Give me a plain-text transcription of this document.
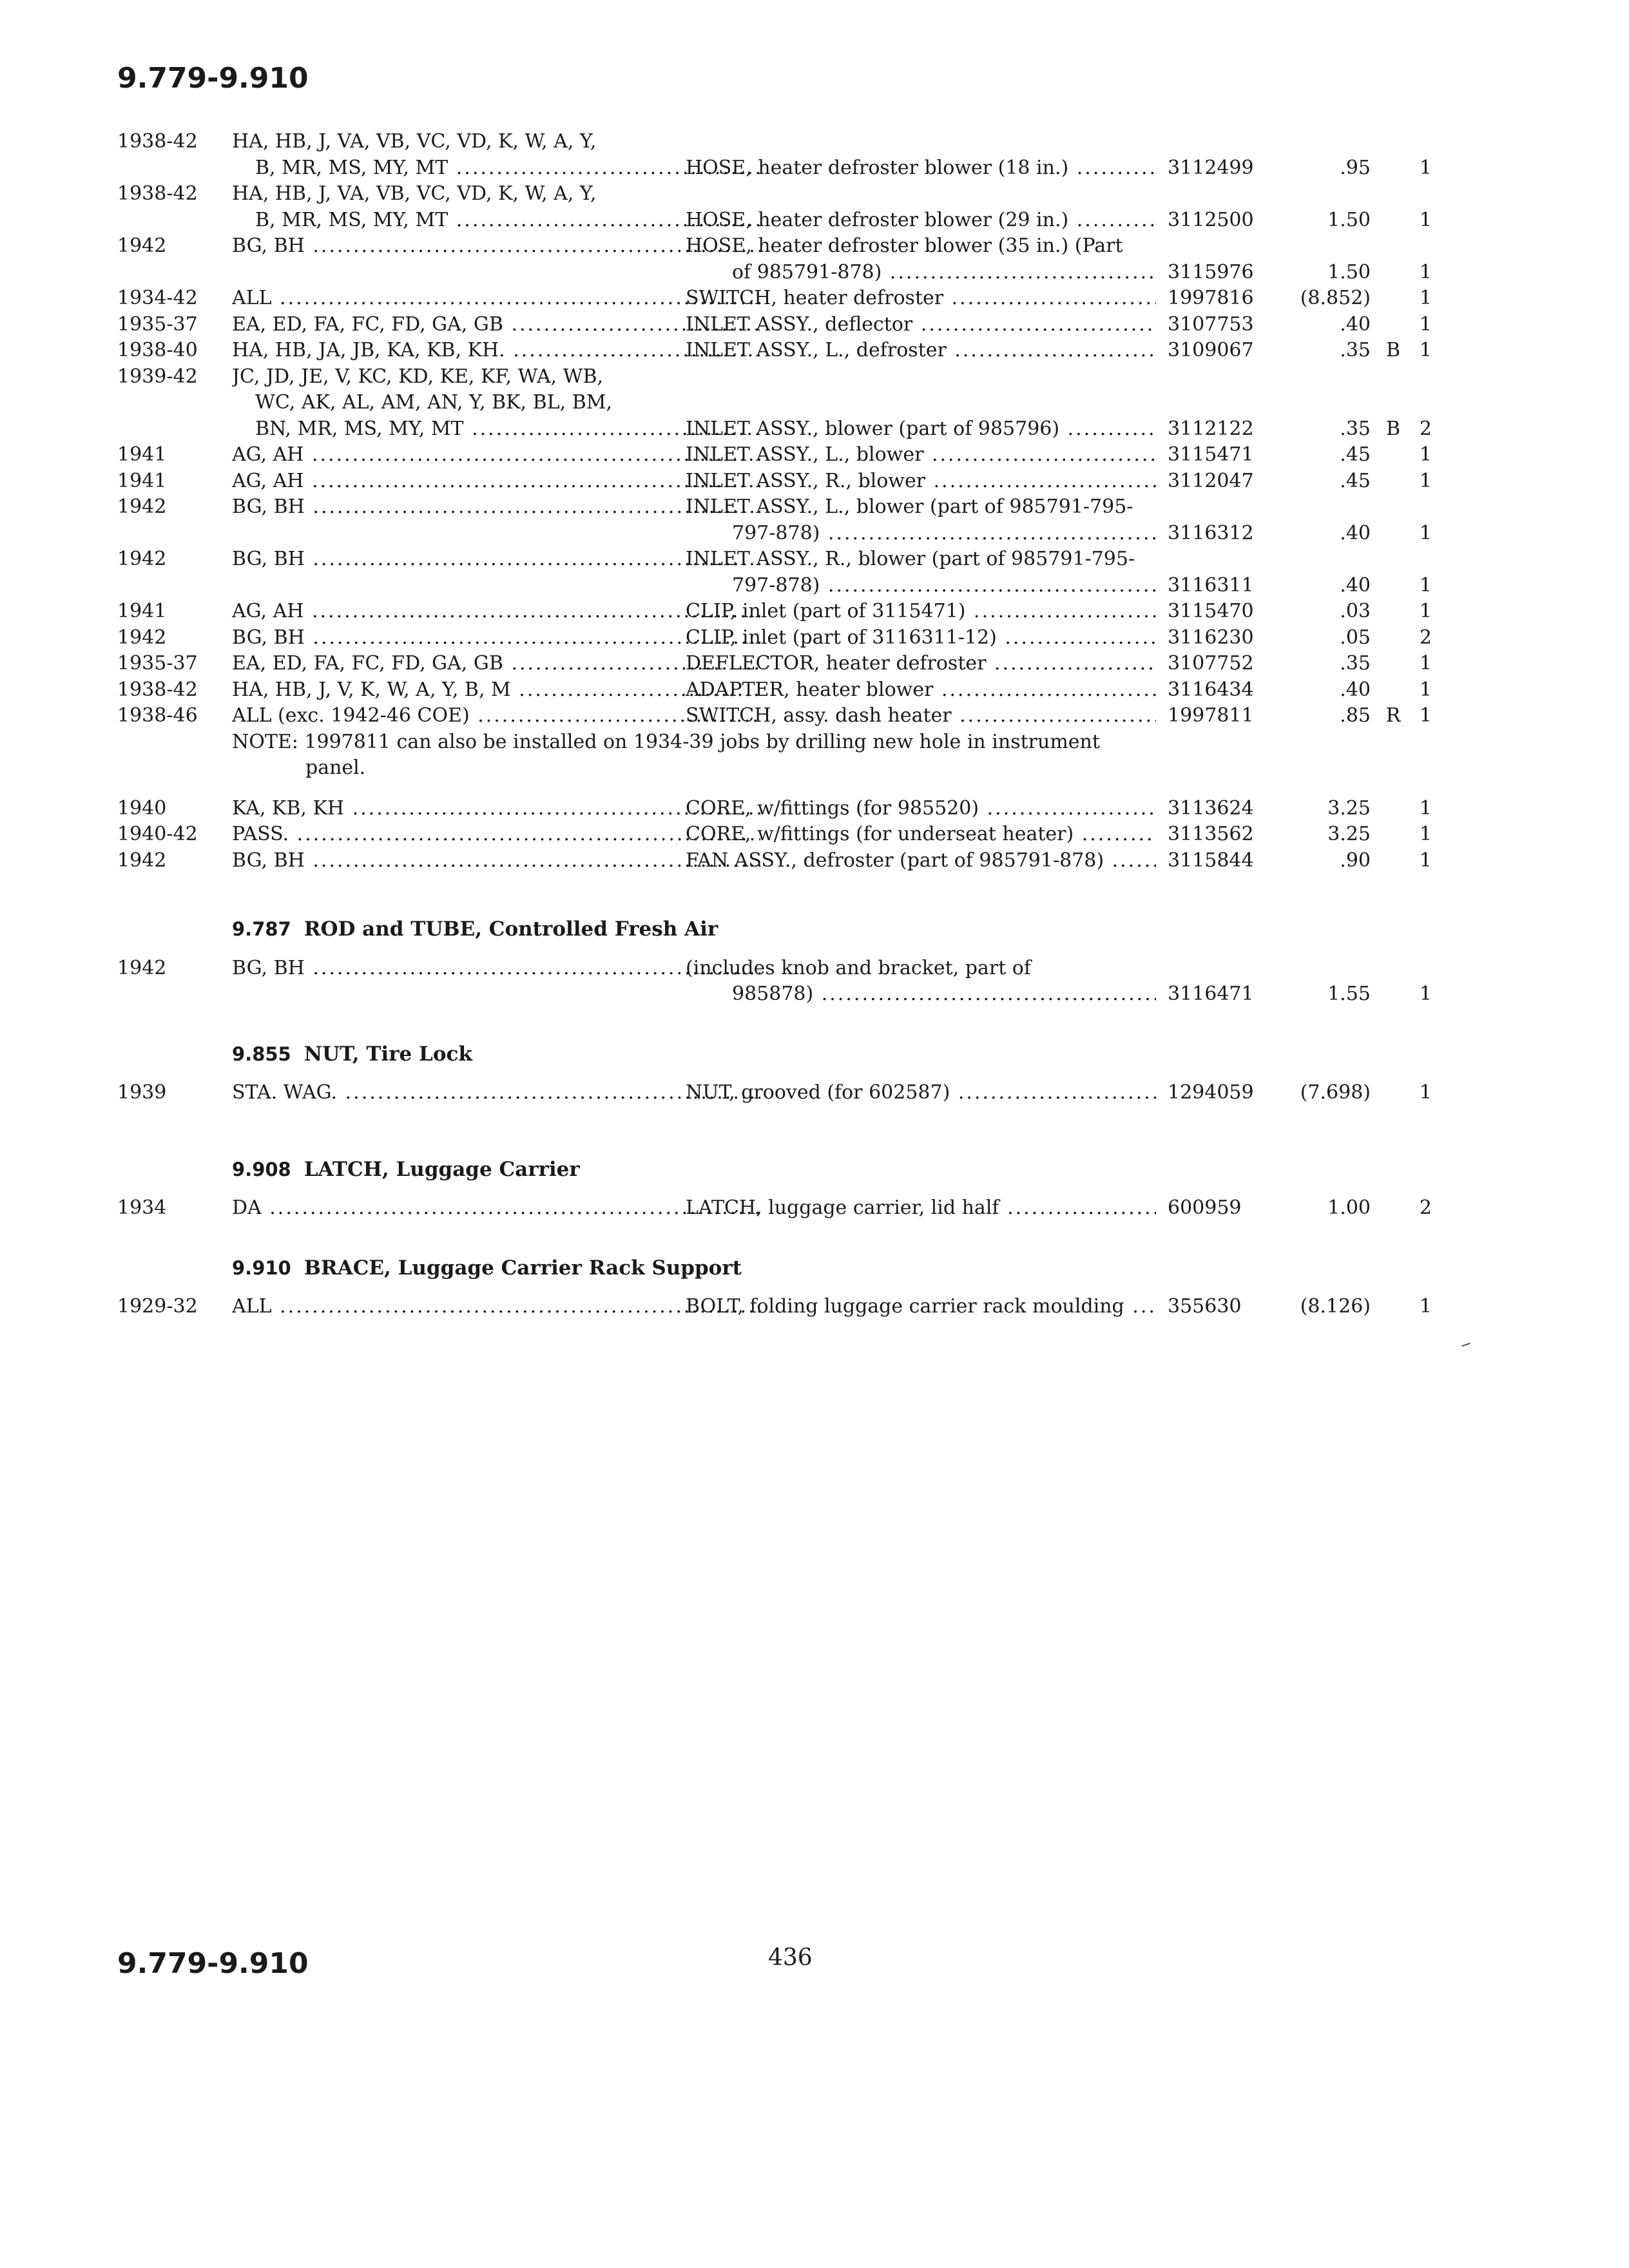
9.779-9.910
1938-42	HA, HB, J, VA, VB, VC, VD, K, W, A, Y,
B, MR, MS, MY, MT .....	HOSE, heater defroster blower (18 in.) .....	3112499	.95	1
1938-42	HA, HB, J, VA, VB, VC, VD, K, W, A, Y,
B, MR, MS, MY, MT .....	HOSE, heater defroster blower (29 in.) .....	3112500	1.50	1
1942	BG, BH .....
	HOSE, heater defroster blower (35 in.) (Part
of 985791-878) .....	3115976	1.50	1
1934-42	ALL .....	SWITCH, heater defroster .....	1997816	(8.852)	1
1935-37	EA, ED, FA, FC, FD, GA, GB .....	INLET ASSY., deflector .....	3107753	.40	1
1938-40	HA, HB, JA, JB, KA, KB, KH. .....	INLET ASSY., L., defroster .....	3109067	.35 B 1
1939-42	JC, JD, JE, V, KC, KD, KE, KF, WA, WB,
WC, AK, AL, AM, AN, Y, BK, BL, BM,
BN, MR, MS, MY, MT .....	INLET ASSY., blower (part of 985796) .....	3112122	.35 B 2
1941	AG, AH .....	INLET ASSY., L., blower .....	3115471	.45	1
1941	AG, AH .....	INLET ASSY., R., blower .....	3112047	.45	1
1942	BG, BH .....
	INLET ASSY., L., blower (part of 985791-795-
797-878) .....	3116312	.40	1
1942	BG, BH .....
	INLET ASSY., R., blower (part of 985791-795-
797-878) .....	3116311	.40	1
1941	AG, AH .....	CLIP, inlet (part of 3115471) .....	3115470	.03	1
1942	BG, BH .....	CLIP, inlet (part of 3116311-12) .....	3116230	.05	2
1935-37	EA, ED, FA, FC, FD, GA, GB .....	DEFLECTOR, heater defroster .....	3107752	.35	1
1938-42	HA, HB, J, V, K, W, A, Y, B, M .....	ADAPTER, heater blower .....	3116434	.40	1
1938-46	ALL (exc. 1942-46 COE) .....	SWITCH, assy. dash heater .....	1997811	.85 R 1
NOTE: 1997811 can also be installed on 1934-39 jobs by drilling new hole in instrument
panel.
1940	KA, KB, KH .....	CORE, w/fittings (for 985520) .....	3113624	3.25	1
1940-42	PASS. .....	CORE, w/fittings (for underseat heater) .....	3113562	3.25	1
1942	BG, BH .....	FAN ASSY., defroster (part of 985791-878) .....	3115844	.90	1
9.787 ROD and TUBE, Controlled Fresh Air
1942	BG, BH .....
	(includes knob and bracket, part of
985878) .....	3116471	1.55	1
9.855 NUT, Tire Lock
1939	STA. WAG. .....	NUT, grooved (for 602587) .....	1294059	(7.698)	1
9.908 LATCH, Luggage Carrier
1934	DA .....	LATCH, luggage carrier, lid half .....	600959	1.00	2
9.910 BRACE, Luggage Carrier Rack Support
1929-32	ALL .....	BOLT, folding luggage carrier rack moulding .....	355630	(8.126)	1
9.779-9.910	436
